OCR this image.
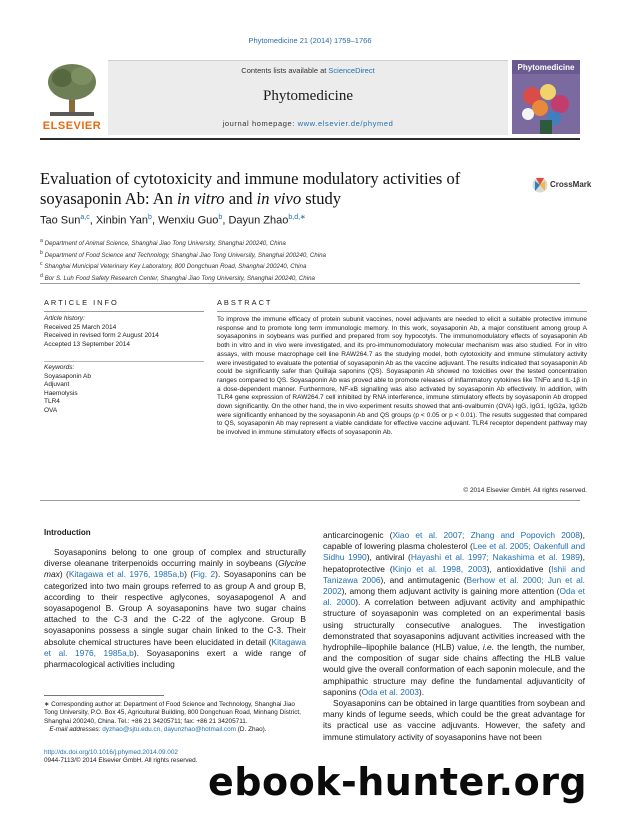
Phytomedicine 21 (2014) 1759–1766
ELSEVIER
Contents lists available at ScienceDirect
Phytomedicine
journal homepage: www.elsevier.de/phymed
Phytomedicine
Evaluation of cytotoxicity and immune modulatory activities of soyasaponin Ab: An in vitro and in vivo study
CrossMark
Tao Sun$^{a,c}$, Xinbin Yan$^b$, Wenxiu Guo$^b$, Dayun Zhao$^{b,d,∗}$
$^a$ Department of Animal Science, Shanghai Jiao Tong University, Shanghai 200240, China
$^b$ Department of Food Science and Technology, Shanghai Jiao Tong University, Shanghai 200240, China
$^c$ Shanghai Municipal Veterinary Key Laboratory, 800 Dongchuan Road, Shanghai 200240, China
$^d$ Bor S. Luh Food Safety Research Center, Shanghai Jiao Tong University, Shanghai 200240, China
ARTICLE INFO
Article history:
Received 25 March 2014
Received in revised form 2 August 2014
Accepted 13 September 2014
Keywords:
Soyasaponin Ab
Adjuvant
Haemolysis
TLR4
OVA
ABSTRACT
To improve the immune efficacy of protein subunit vaccines, novel adjuvants are needed to elicit a suitable protective immune response and to promote long term immunologic memory. In this work, soyasaponin Ab, a major constituent among group A soyasaponins in soybeans was purified and prepared from soy hypocotyls. The immunomodulatory effects of soyasaponin Ab both in vitro and in vivo were investigated, and its pro-immunomodulatory molecular mechanism was also studied. For in vitro assays, with mouse macrophage cell line RAW264.7 as the studying model, both cytotoxicity and immune stimulatory activity were investigated to evaluate the potential of soyasaponin Ab as the vaccine adjuvant. The results indicated that soyasaponin Ab could be significantly safer than Quillaja saponins (QS). Soyasaponin Ab showed no toxicities over the tested concentration ranges compared to QS. Soyasaponin Ab was proved able to promote releases of inflammatory cytokines like TNFα and IL-1β in a dose-dependent manner. Furthermore, NF-κB signalling was also activated by soyasaponin Ab effectively. In addition, with TLR4 gene expression of RAW264.7 cell inhibited by RNA interference, immune stimulatory effects by soyasaponin Ab dropped down significantly. On the other hand, the in vivo experiment results showed that anti-ovalbumin (OVA) IgG, IgG1, IgG2a, IgG2b were significantly enhanced by the soyasaponin Ab and QS groups (p < 0.05 or p < 0.01). The results suggested that compared to QS, soyasaponin Ab may represent a viable candidate for effective vaccine adjuvant. TLR4 receptor dependent pathway may be involved in immune stimulatory effects of soyasaponin Ab.
© 2014 Elsevier GmbH. All rights reserved.
Introduction

Soyasaponins belong to one group of complex and structurally diverse oleanane triterpenoids occurring mainly in soybeans (Glycine max) (Kitagawa et al. 1976, 1985a,b) (Fig. 2). Soyasaponins can be categorized into two main groups referred to as group A and group B, according to their respective aglycones, soyasapogenol A and soyasapogenol B. Group A soyasaponins have two sugar chains attached to the C-3 and the C-22 of the aglycone. Group B soyasaponins possess a single sugar chain linked to the C-3. Their absolute chemical structures have been elucidated in detail (Kitagawa et al. 1976, 1985a,b). Soyasaponins exert a wide range of pharmacological activities including

anticarcinogenic (Xiao et al. 2007; Zhang and Popovich 2008), capable of lowering plasma cholesterol (Lee et al. 2005; Oakenfull and Sidhu 1990), antiviral (Hayashi et al. 1997; Nakashima et al. 1989), hepatoprotective (Kinjo et al. 1998, 2003), antioxidative (Ishii and Tanizawa 2006), and antimutagenic (Berhow et al. 2000; Jun et al. 2002), among them adjuvant activity is gaining more attention (Oda et al. 2000). A correlation between adjuvant activity and amphipathic structure of soyasaponin was completed on an experimental basis using structurally consecutive analogues. The investigation demonstrated that soyasaponins adjuvant activities increased with the hydrophile–lipophile balance (HLB) value, i.e. the length, the number, and the composition of sugar side chains affecting the HLB value would give the overall conformation of each saponin molecule, and the amphipathic structure may define the fundamental adjuvanticity of saponins (Oda et al. 2003).

Soyasaponins can be obtained in large quantities from soybean and many kinds of legume seeds, which could be the great advantage for its practical use as vaccine adjuvants. However, the safety and immune stimulatory activity of soyasaponins have not been

∗ Corresponding author at: Department of Food Science and Technology, Shanghai Jiao Tong University, P.O. Box 45, Agricultural Building, 800 Dongchuan Road, Minhang District, Shanghai 200240, China. Tel.: +86 21 34205711; fax: +86 21 34205711.
E-mail addresses: dyzhao@sjtu.edu.cn, dayunzhao@hotmail.com (D. Zhao).
http://dx.doi.org/10.1016/j.phymed.2014.09.002
0944-7113/© 2014 Elsevier GmbH. All rights reserved. ebook-hunter.org
